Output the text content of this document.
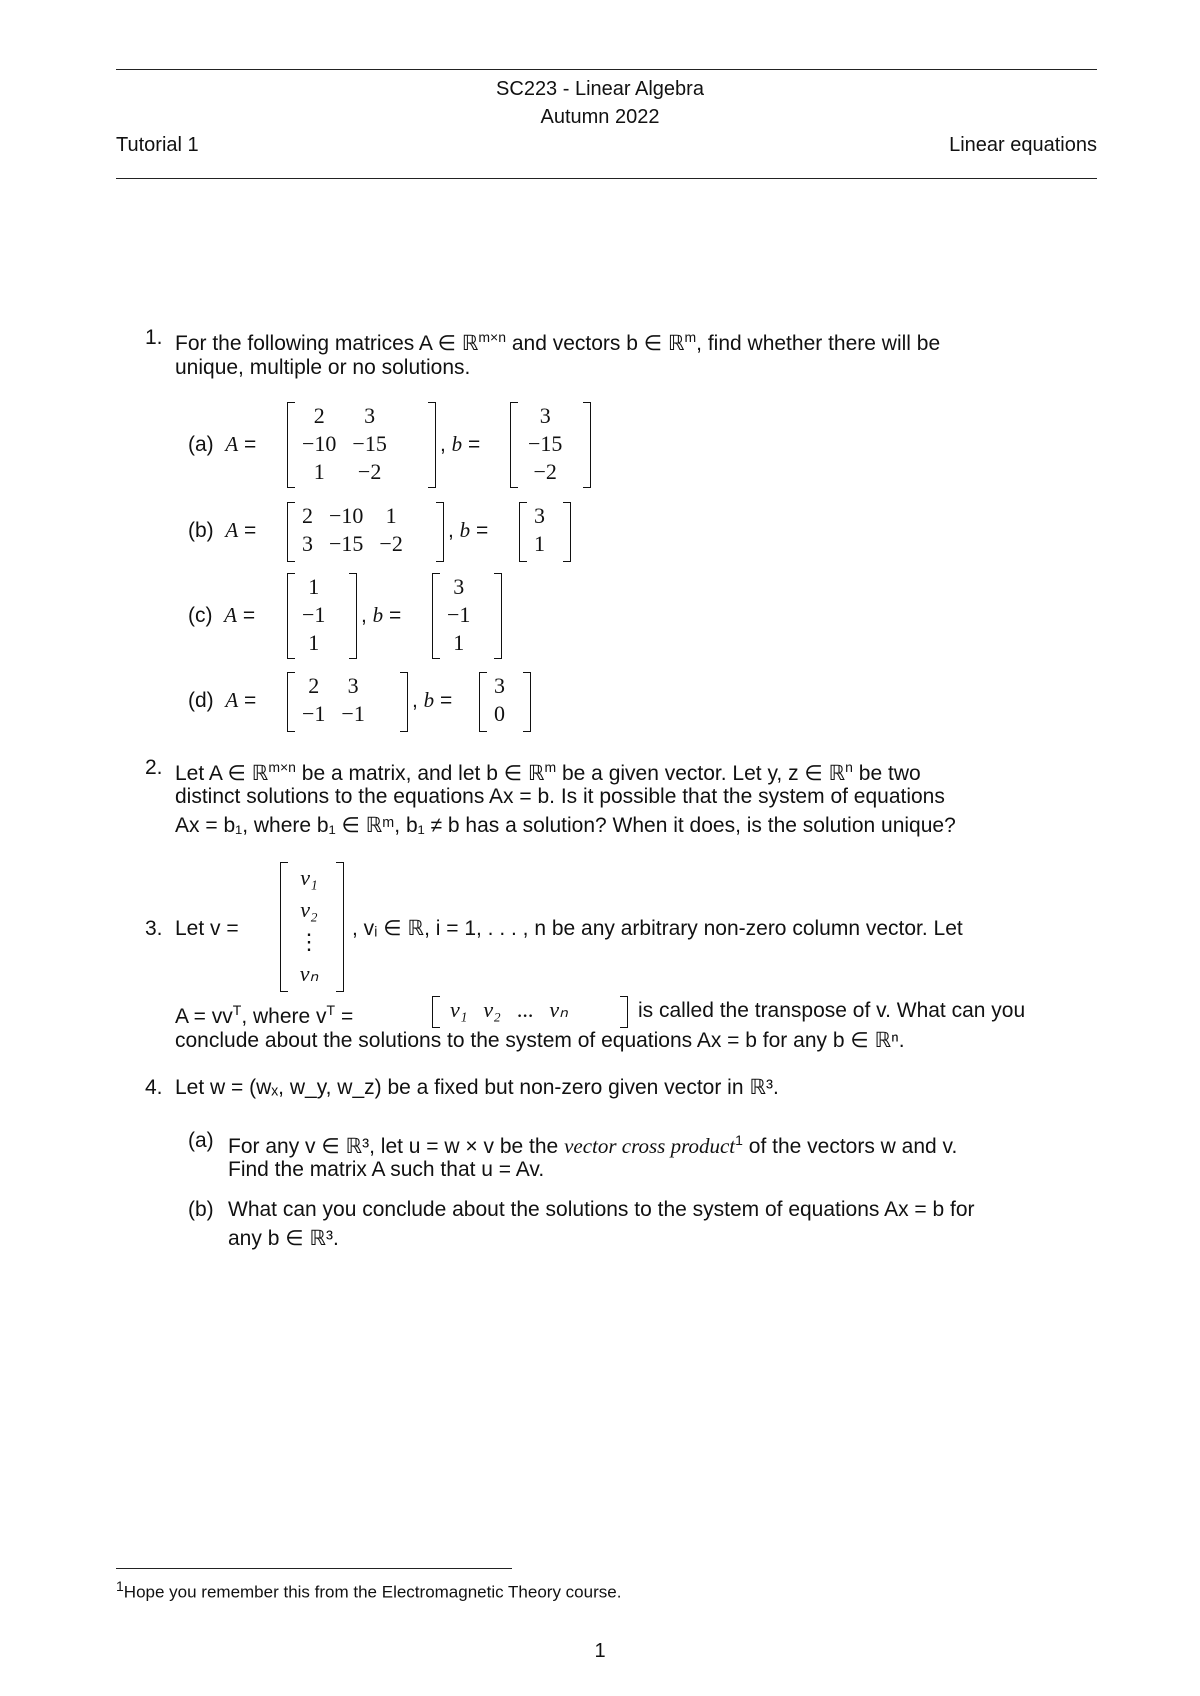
SC223 - Linear Algebra
Autumn 2022
Tutorial 1	Linear equations
1. For the following matrices A ∈ ℝ$^{m\times n}$ and vectors b ∈ ℝ$^m$, find whether there will be
unique, multiple or no solutions.
(a) A =
2	3
−10	−15
1	−2
, b =
3
−15
−2
(b) A =
2	−10	1
3	−15	−2
, b =
3
1
(c) A =
1
−1
1
, b =
3
−1
1
(d) A =
2	3
−1	−1
, b =
3
0
2. Let A ∈ ℝ$^{m\times n}$ be a matrix, and let b ∈ ℝ$^m$ be a given vector. Let y, z ∈ ℝ$^n$ be two
distinct solutions to the equations Ax = b. Is it possible that the system of equations
Ax = b₁, where b₁ ∈ ℝᵐ, b₁ ≠ b has a solution? When it does, is the solution unique?
3. Let v =
v₁
v₂
⋮
vₙ
, vᵢ ∈ ℝ, i = 1, . . . , n be any arbitrary non-zero column vector. Let
$A = vv^T$, where $v^T$ =	v₁	v₂	...	vₙ	is called the transpose of v. What can you
conclude about the solutions to the system of equations Ax = b for any b ∈ ℝⁿ.
4. Let w = (wₓ, w_y, w_z) be a fixed but non-zero given vector in ℝ³.
(a) For any v ∈ ℝ³, let u = w × v be the vector cross product$^1$ of the vectors w and v.
Find the matrix A such that u = Av.
(b) What can you conclude about the solutions to the system of equations Ax = b for
any b ∈ ℝ³.
$^1$Hope you remember this from the Electromagnetic Theory course.
1
